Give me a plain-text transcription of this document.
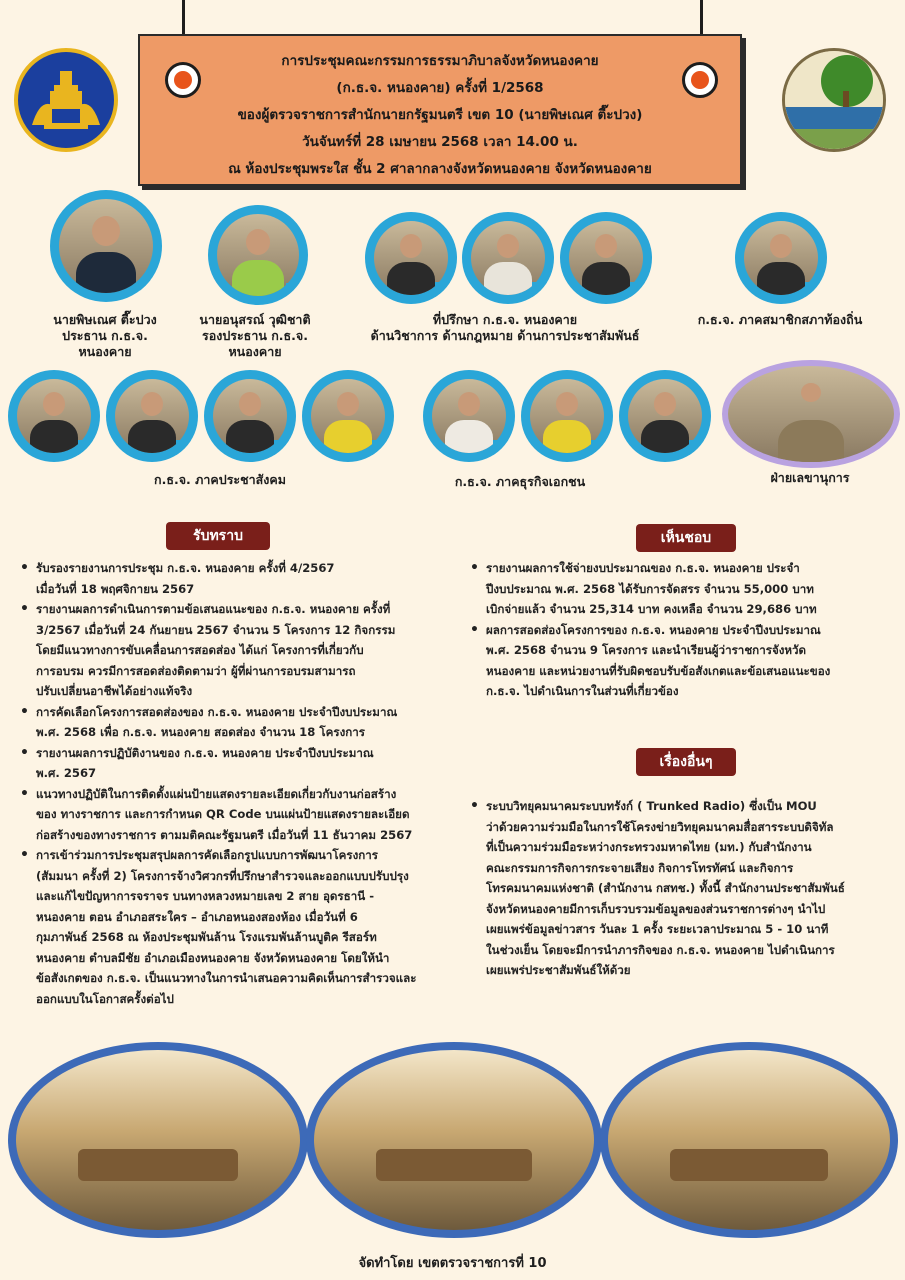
การประชุมคณะกรรมการธรรมาภิบาลจังหวัดหนองคาย

(ก.ธ.จ. หนองคาย) ครั้งที่ 1/2568

ของผู้ตรวจราชการสำนักนายกรัฐมนตรี เขต 10 (นายพิษเณศ ตี๊ะปวง)

วันจันทร์ที่ 28 เมษายน 2568 เวลา 14.00 น.

ณ ห้องประชุมพระใส ชั้น 2 ศาลากลางจังหวัดหนองคาย จังหวัดหนองคาย

นายพิษเณศ ตี๊ะปวง
ประธาน ก.ธ.จ.
หนองคาย
นายอนุสรณ์ วุฒิชาติ
รองประธาน ก.ธ.จ.
หนองคาย
ที่ปรึกษา ก.ธ.จ. หนองคาย
ด้านวิชาการ ด้านกฎหมาย ด้านการประชาสัมพันธ์
ก.ธ.จ. ภาคสมาชิกสภาท้องถิ่น
ก.ธ.จ. ภาคประชาสังคม	ก.ธ.จ. ภาคธุรกิจเอกชน	ฝ่ายเลขานุการ
รับทราบ
• รับรองรายงานการประชุม ก.ธ.จ. หนองคาย ครั้งที่ 4/2567
เมื่อวันที่ 18 พฤศจิกายน 2567
• รายงานผลการดำเนินการตามข้อเสนอแนะของ ก.ธ.จ. หนองคาย ครั้งที่
3/2567 เมื่อวันที่ 24 กันยายน 2567 จำนวน 5 โครงการ 12 กิจกรรม
โดยมีแนวทางการขับเคลื่อนการสอดส่อง ได้แก่ โครงการที่เกี่ยวกับ
การอบรม ควรมีการสอดส่องติดตามว่า ผู้ที่ผ่านการอบรมสามารถ
ปรับเปลี่ยนอาชีพได้อย่างแท้จริง
• การคัดเลือกโครงการสอดส่องของ ก.ธ.จ. หนองคาย ประจำปีงบประมาณ
พ.ศ. 2568 เพื่อ ก.ธ.จ. หนองคาย สอดส่อง จำนวน 18 โครงการ
• รายงานผลการปฏิบัติงานของ ก.ธ.จ. หนองคาย ประจำปีงบประมาณ
พ.ศ. 2567
• แนวทางปฏิบัติในการติดตั้งแผ่นป้ายแสดงรายละเอียดเกี่ยวกับงานก่อสร้าง
ของ ทางราชการ และการกำหนด QR Code บนแผ่นป้ายแสดงรายละเอียด
ก่อสร้างของทางราชการ ตามมติคณะรัฐมนตรี เมื่อวันที่ 11 ธันวาคม 2567
• การเข้าร่วมการประชุมสรุปผลการคัดเลือกรูปแบบการพัฒนาโครงการ
(สัมมนา ครั้งที่ 2) โครงการจ้างวิศวกรที่ปรึกษาสำรวจและออกแบบปรับปรุง
และแก้ไขปัญหาการจราจร บนทางหลวงหมายเลข 2 สาย อุดรธานี -
หนองคาย ตอน อำเภอสระใคร – อำเภอหนองสองห้อง เมื่อวันที่ 6
กุมภาพันธ์ 2568 ณ ห้องประชุมพันล้าน โรงแรมพันล้านบูติค รีสอร์ท
หนองคาย ตำบลมีชัย อำเภอเมืองหนองคาย จังหวัดหนองคาย โดยให้นำ
ข้อสังเกตของ ก.ธ.จ. เป็นแนวทางในการนำเสนอความคิดเห็นการสำรวจและ
ออกแบบในโอกาสครั้งต่อไป
เห็นชอบ
• รายงานผลการใช้จ่ายงบประมาณของ ก.ธ.จ. หนองคาย ประจำ
ปีงบประมาณ พ.ศ. 2568 ได้รับการจัดสรร จำนวน 55,000 บาท
เบิกจ่ายแล้ว จำนวน 25,314 บาท คงเหลือ จำนวน 29,686 บาท
• ผลการสอดส่องโครงการของ ก.ธ.จ. หนองคาย ประจำปีงบประมาณ
พ.ศ. 2568 จำนวน 9 โครงการ และนำเรียนผู้ว่าราชการจังหวัด
หนองคาย และหน่วยงานที่รับผิดชอบรับข้อสังเกตและข้อเสนอแนะของ
ก.ธ.จ. ไปดำเนินการในส่วนที่เกี่ยวข้อง
เรื่องอื่นๆ
• ระบบวิทยุคมนาคมระบบทรังก์ ( Trunked Radio) ซึ่งเป็น MOU
ว่าด้วยความร่วมมือในการใช้โครงข่ายวิทยุคมนาคมสื่อสารระบบดิจิทัล
ที่เป็นความร่วมมือระหว่างกระทรวงมหาดไทย (มท.) กับสำนักงาน
คณะกรรมการกิจการกระจายเสียง กิจการโทรทัศน์ และกิจการ
โทรคมนาคมแห่งชาติ (สำนักงาน กสทช.) ทั้งนี้ สำนักงานประชาสัมพันธ์
จังหวัดหนองคายมีการเก็บรวบรวมข้อมูลของส่วนราชการต่างๆ นำไป
เผยแพร่ข้อมูลข่าวสาร วันละ 1 ครั้ง ระยะเวลาประมาณ 5 - 10 นาที
ในช่วงเย็น โดยจะมีการนำภารกิจของ ก.ธ.จ. หนองคาย ไปดำเนินการ
เผยแพร่ประชาสัมพันธ์ให้ด้วย
จัดทำโดย เขตตรวจราชการที่ 10
